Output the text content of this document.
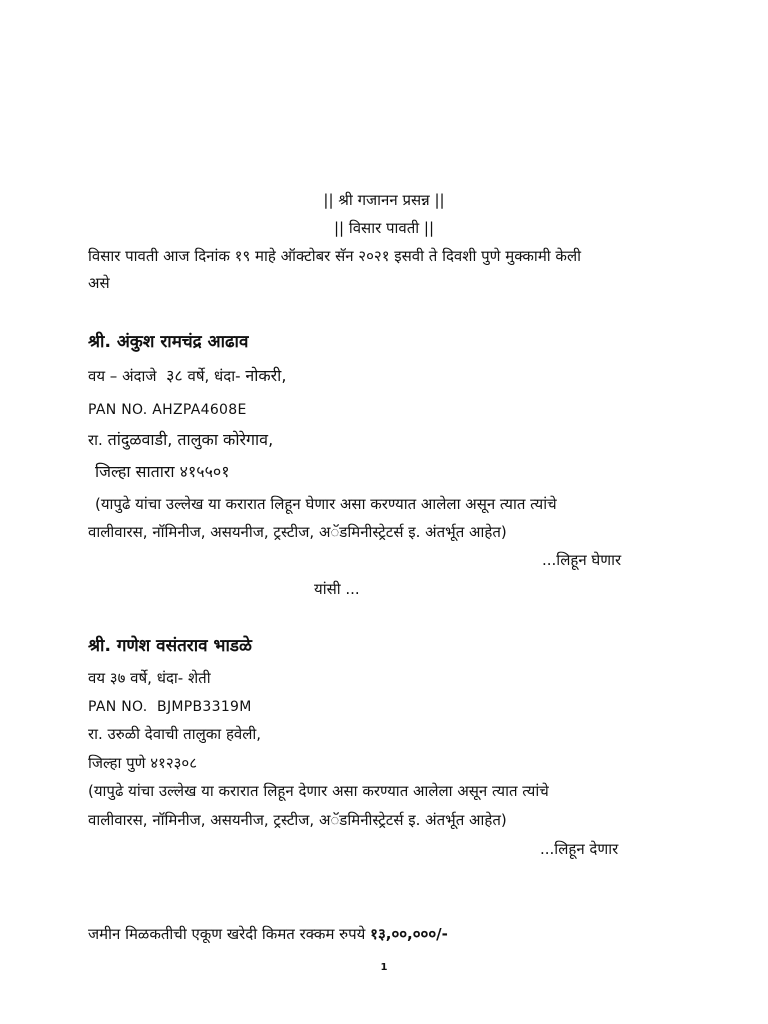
|| श्री गजानन प्रसन्न ||
|| विसार पावती ||
विसार पावती आज दिनांक १९ माहे ऑक्टोबर सॅन २०२१ इसवी ते दिवशी पुणे मुक्कामी केली
असे
श्री. अंकुश रामचंद्र आढाव
वय – अंदाजे ३८ वर्षे, धंदा- नोकरी,
PAN NO. AHZPA4608E
रा. तांदुळवाडी, तालुका कोरेगाव,
जिल्हा सातारा ४१५५०१
(यापुढे यांचा उल्लेख या करारात लिहून घेणार असा करण्यात आलेला असून त्यात त्यांचे
वालीवारस, नॉमिनीज, असयनीज, ट्रस्टीज, अॅडमिनीस्ट्रेटर्स इ. अंतर्भूत आहेत)
...लिहून घेणार
यांसी ...
श्री. गणेश वसंतराव भाडळे
वय ३७ वर्षे, धंदा- शेती
PAN NO. BJMPB3319M
रा. उरुळी देवाची तालुका हवेली,
जिल्हा पुणे ४१२३०८
(यापुढे यांचा उल्लेख या करारात लिहून देणार असा करण्यात आलेला असून त्यात त्यांचे
वालीवारस, नॉमिनीज, असयनीज, ट्रस्टीज, अॅडमिनीस्ट्रेटर्स इ. अंतर्भूत आहेत)
...लिहून देणार
जमीन मिळकतीची एकूण खरेदी किमत रक्कम रुपये १३,००,०००/-
1
